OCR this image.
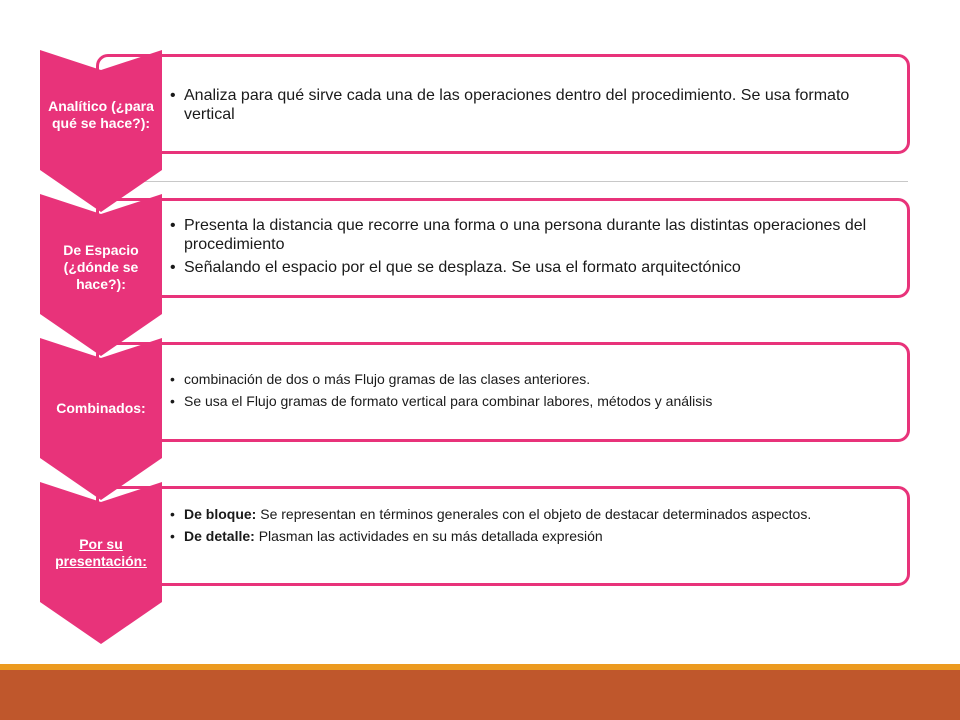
Analítico (¿para qué se hace?):
• Analiza para qué sirve cada una de las operaciones dentro del procedimiento. Se usa formato vertical
De Espacio (¿dónde se hace?):
• Presenta la distancia que recorre una forma o una persona durante las distintas operaciones del procedimiento
• Señalando el espacio por el que se desplaza. Se usa el formato arquitectónico
Combinados:
• combinación de dos o más Flujo gramas de las clases anteriores.
• Se usa el Flujo gramas de formato vertical para combinar labores, métodos y análisis
Por su presentación:
• De bloque: Se representan en términos generales con el objeto de destacar determinados aspectos.
• De detalle: Plasman las actividades en su más detallada expresión
